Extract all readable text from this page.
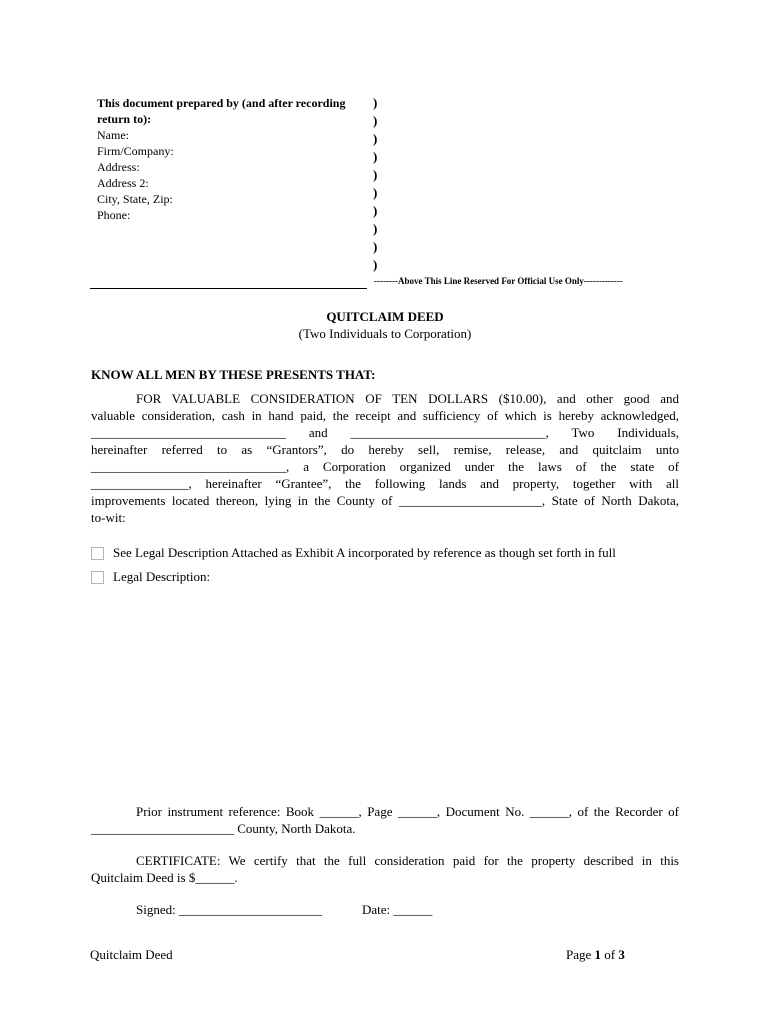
This document prepared by (and after recording return to):
Name:
Firm/Company:
Address:
Address 2:
City, State, Zip:
Phone:
)
)
)
)
)
)
)
)
)
)
--------Above This Line Reserved For Official Use Only-------------
QUITCLAIM DEED
(Two Individuals to Corporation)
KNOW ALL MEN BY THESE PRESENTS THAT:
FOR VALUABLE CONSIDERATION OF TEN DOLLARS ($10.00), and other good and
valuable consideration, cash in hand paid, the receipt and sufficiency of which is hereby acknowledged,
______________________________ and ______________________________, Two Individuals,
hereinafter referred to as “Grantors”, do hereby sell, remise, release, and quitclaim unto
______________________________, a Corporation organized under the laws of the state of
_______________, hereinafter “Grantee”, the following lands and property, together with all
improvements located thereon, lying in the County of ______________________, State of North Dakota,
to-wit:
See Legal Description Attached as Exhibit A incorporated by reference as though set forth in full
Legal Description:
Prior instrument reference: Book ______, Page ______, Document No. ______, of the Recorder of
______________________ County, North Dakota.
CERTIFICATE: We certify that the full consideration paid for the property described in this
Quitclaim Deed is $______.
Signed: ______________________	Date: ______
Quitclaim Deed	Page 1 of 3
